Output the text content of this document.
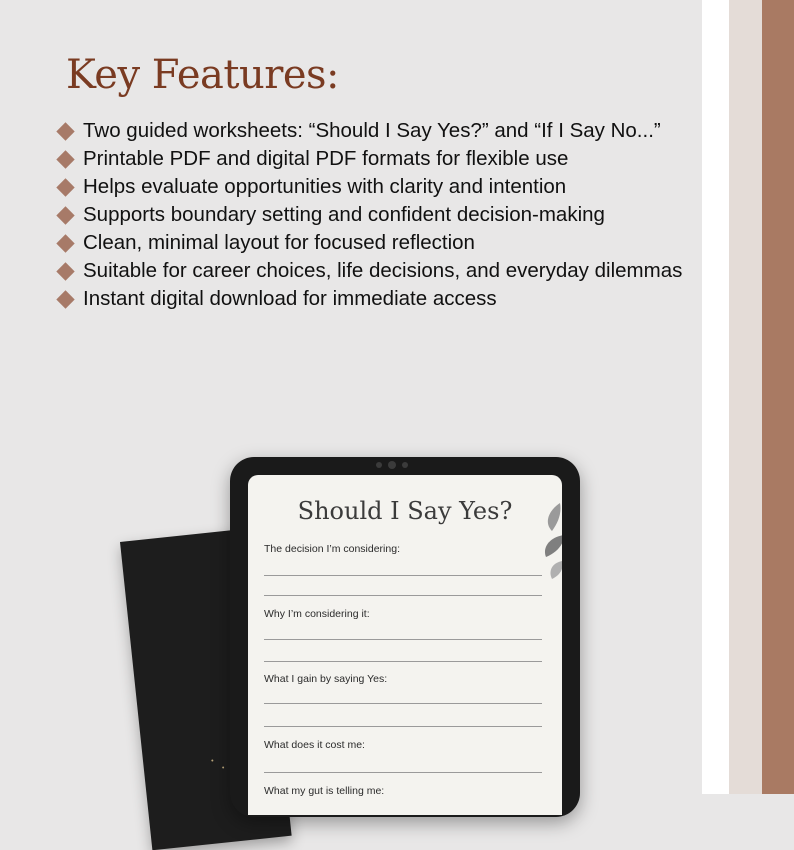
Key Features:
Two guided worksheets: “Should I Say Yes?” and “If I Say No...”
Printable PDF and digital PDF formats for flexible use
Helps evaluate opportunities with clarity and intention
Supports boundary setting and confident decision-making
Clean, minimal layout for focused reflection
Suitable for career choices, life decisions, and everyday dilemmas
Instant digital download for immediate access
Should I Say Yes?
The decision I’m considering:
Why I’m considering it:
What I gain by saying Yes:
What does it cost me:
What my gut is telling me:
